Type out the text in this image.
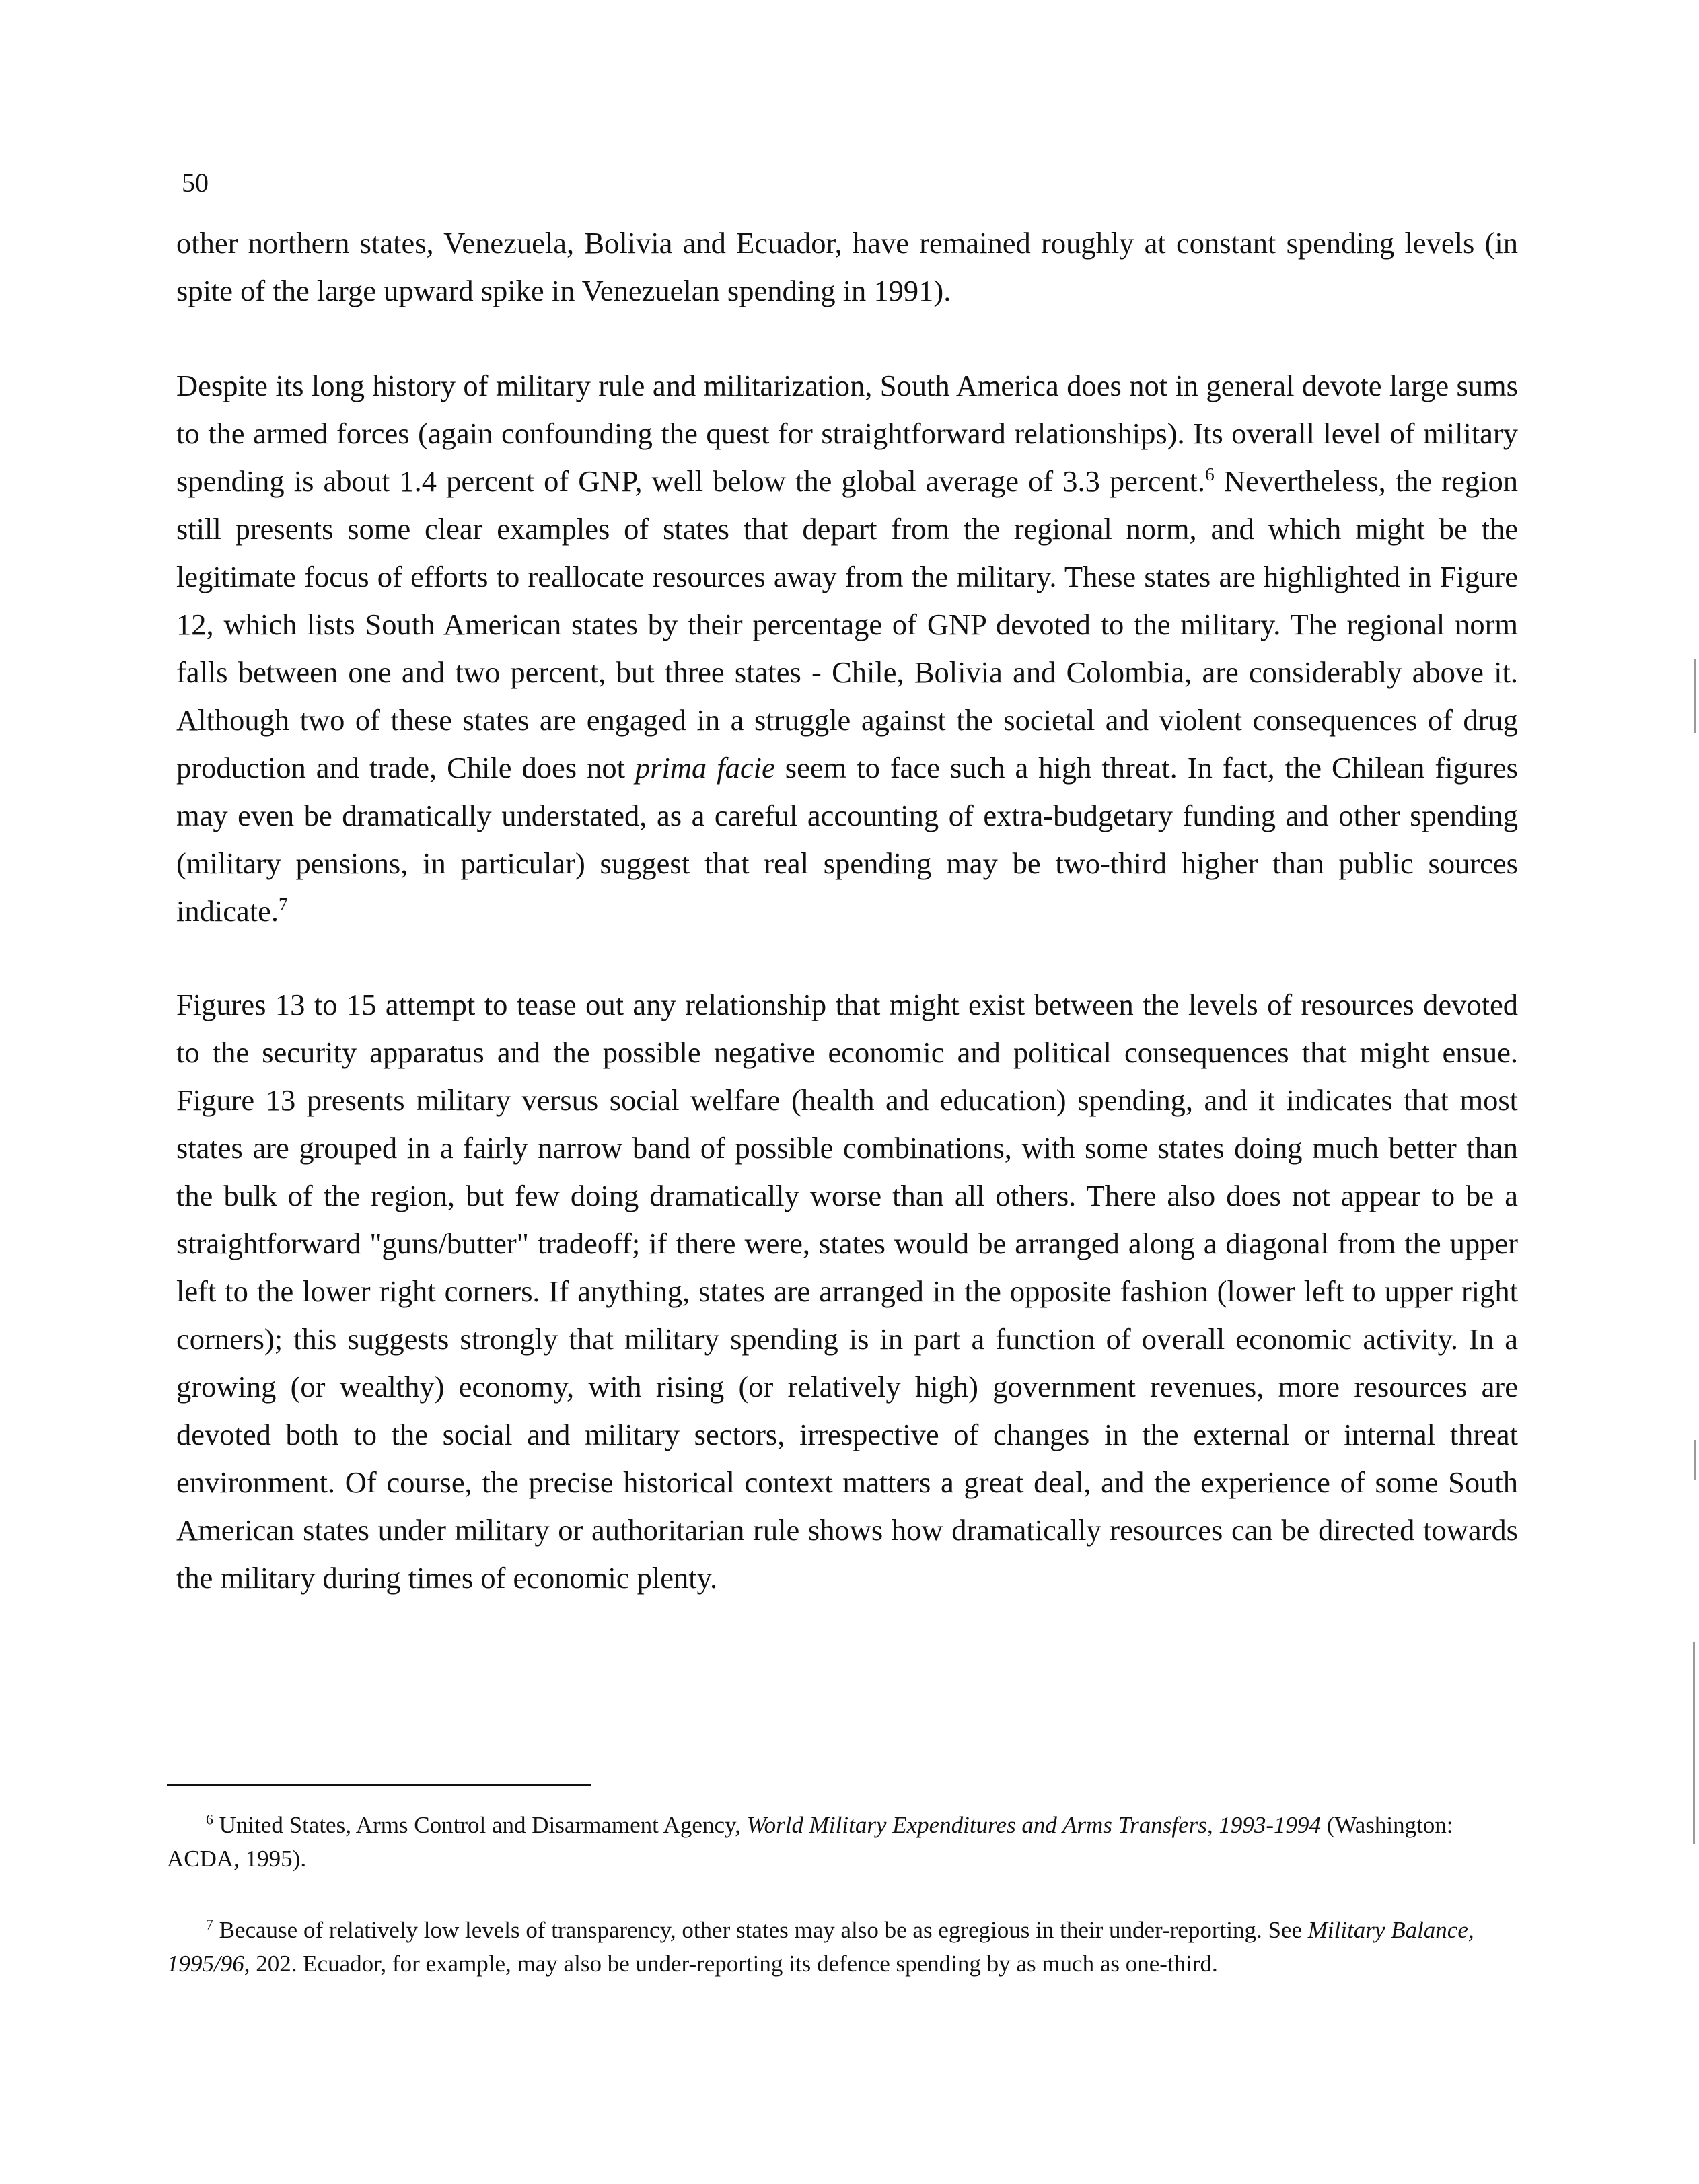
50

other northern states, Venezuela, Bolivia and Ecuador, have remained roughly at constant spending levels (in spite of the large upward spike in Venezuelan spending in 1991).

Despite its long history of military rule and militarization, South America does not in general devote large sums to the armed forces (again confounding the quest for straightforward relationships). Its overall level of military spending is about 1.4 percent of GNP, well below the global average of 3.3 percent.$^6$ Nevertheless, the region still presents some clear examples of states that depart from the regional norm, and which might be the legitimate focus of efforts to reallocate resources away from the military. These states are highlighted in Figure 12, which lists South American states by their percentage of GNP devoted to the military. The regional norm falls between one and two percent, but three states - Chile, Bolivia and Colombia, are considerably above it. Although two of these states are engaged in a struggle against the societal and violent consequences of drug production and trade, Chile does not prima facie seem to face such a high threat. In fact, the Chilean figures may even be dramatically understated, as a careful accounting of extra-budgetary funding and other spending (military pensions, in particular) suggest that real spending may be two-third higher than public sources indicate.$^7$

Figures 13 to 15 attempt to tease out any relationship that might exist between the levels of resources devoted to the security apparatus and the possible negative economic and political consequences that might ensue. Figure 13 presents military versus social welfare (health and education) spending, and it indicates that most states are grouped in a fairly narrow band of possible combinations, with some states doing much better than the bulk of the region, but few doing dramatically worse than all others. There also does not appear to be a straightforward "guns/butter" tradeoff; if there were, states would be arranged along a diagonal from the upper left to the lower right corners. If anything, states are arranged in the opposite fashion (lower left to upper right corners); this suggests strongly that military spending is in part a function of overall economic activity. In a growing (or wealthy) economy, with rising (or relatively high) government revenues, more resources are devoted both to the social and military sectors, irrespective of changes in the external or internal threat environment. Of course, the precise historical context matters a great deal, and the experience of some South American states under military or authoritarian rule shows how dramatically resources can be directed towards the military during times of economic plenty.

$^6$ United States, Arms Control and Disarmament Agency, World Military Expenditures and Arms Transfers, 1993-1994 (Washington: ACDA, 1995).

$^7$ Because of relatively low levels of transparency, other states may also be as egregious in their under-reporting. See Military Balance, 1995/96, 202. Ecuador, for example, may also be under-reporting its defence spending by as much as one-third.
